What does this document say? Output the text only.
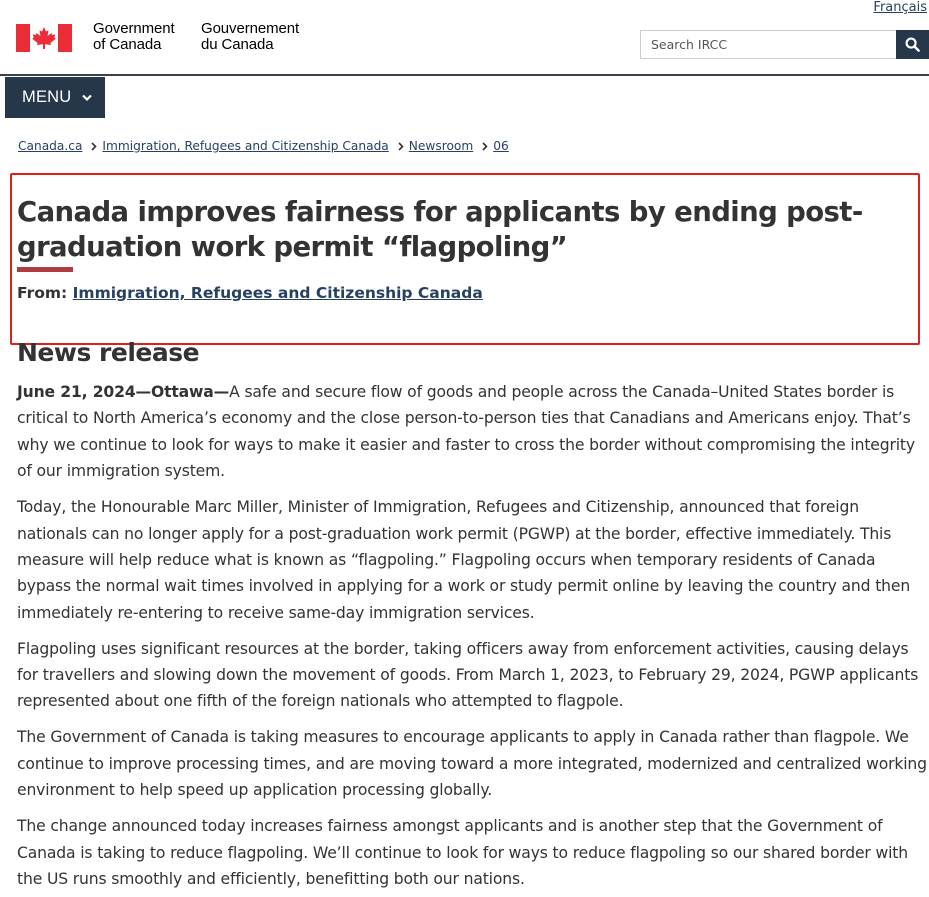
Français
Government
of Canada
Gouvernement
du Canada
Search IRCC
MENU
Canada.ca Immigration, Refugees and Citizenship Canada Newsroom 06
Canada improves fairness for applicants by ending post-graduation work permit “flagpoling”
From: Immigration, Refugees and Citizenship Canada
News release

June 21, 2024—Ottawa—A safe and secure flow of goods and people across the Canada–United States border is critical to North America’s economy and the close person-to-person ties that Canadians and Americans enjoy. That’s why we continue to look for ways to make it easier and faster to cross the border without compromising the integrity of our immigration system.

Today, the Honourable Marc Miller, Minister of Immigration, Refugees and Citizenship, announced that foreign nationals can no longer apply for a post-graduation work permit (PGWP) at the border, effective immediately. This measure will help reduce what is known as “flagpoling.” Flagpoling occurs when temporary residents of Canada bypass the normal wait times involved in applying for a work or study permit online by leaving the country and then immediately re-entering to receive same-day immigration services.

Flagpoling uses significant resources at the border, taking officers away from enforcement activities, causing delays for travellers and slowing down the movement of goods. From March 1, 2023, to February 29, 2024, PGWP applicants represented about one fifth of the foreign nationals who attempted to flagpole.

The Government of Canada is taking measures to encourage applicants to apply in Canada rather than flagpole. We continue to improve processing times, and are moving toward a more integrated, modernized and centralized working environment to help speed up application processing globally.

The change announced today increases fairness amongst applicants and is another step that the Government of Canada is taking to reduce flagpoling. We’ll continue to look for ways to reduce flagpoling so our shared border with the US runs smoothly and efficiently, benefitting both our nations.
